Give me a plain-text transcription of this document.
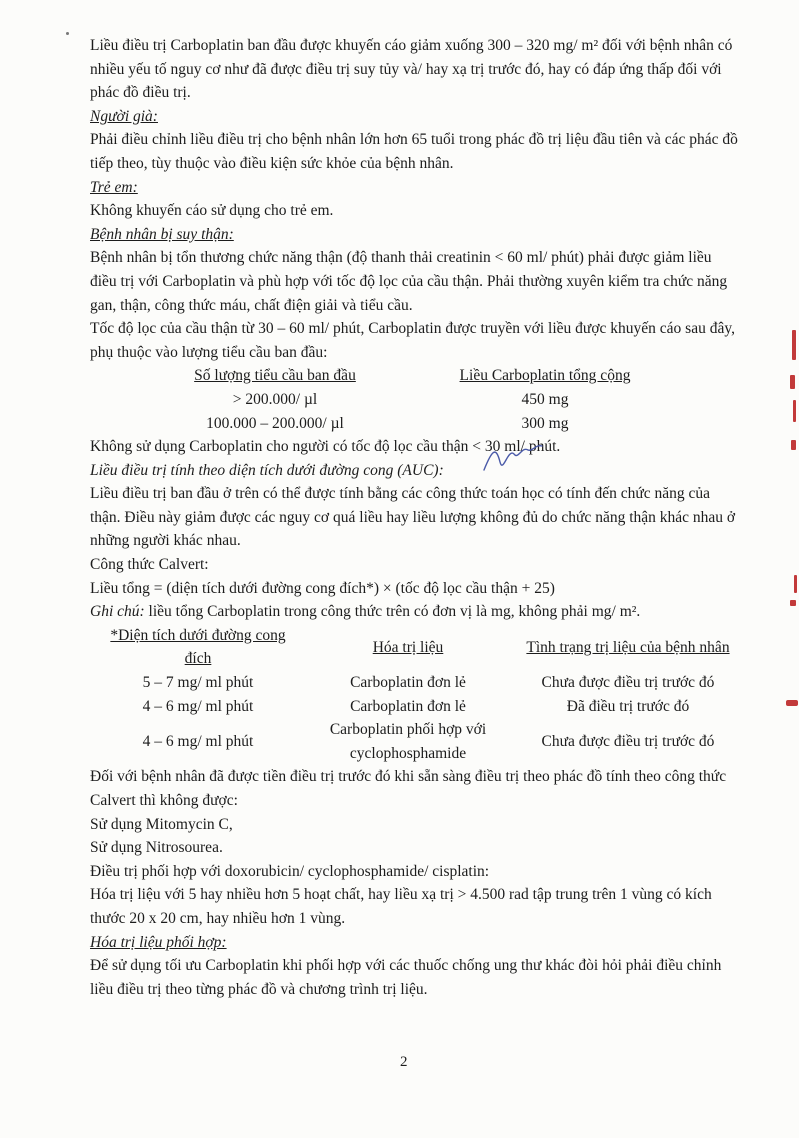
Liều điều trị Carboplatin ban đầu được khuyến cáo giảm xuống 300 – 320 mg/ m² đối với bệnh nhân có nhiều yếu tố nguy cơ như đã được điều trị suy tủy và/ hay xạ trị trước đó, hay có đáp ứng thấp đối với phác đồ điều trị.

Người già:

Phải điều chỉnh liều điều trị cho bệnh nhân lớn hơn 65 tuổi trong phác đồ trị liệu đầu tiên và các phác đồ tiếp theo, tùy thuộc vào điều kiện sức khỏe của bệnh nhân.

Trẻ em:

Không khuyến cáo sử dụng cho trẻ em.

Bệnh nhân bị suy thận:

Bệnh nhân bị tổn thương chức năng thận (độ thanh thải creatinin < 60 ml/ phút) phải được giảm liều điều trị với Carboplatin và phù hợp với tốc độ lọc của cầu thận. Phải thường xuyên kiểm tra chức năng gan, thận, công thức máu, chất điện giải và tiểu cầu.

Tốc độ lọc của cầu thận từ 30 – 60 ml/ phút, Carboplatin được truyền với liều được khuyến cáo sau đây, phụ thuộc vào lượng tiểu cầu ban đầu:

Số lượng tiểu cầu ban đầu	Liều Carboplatin tổng cộng
> 200.000/ µl	450 mg
100.000 – 200.000/ µl	300 mg

Không sử dụng Carboplatin cho người có tốc độ lọc cầu thận < 30 ml/ phút.

Liều điều trị tính theo diện tích dưới đường cong (AUC):

Liều điều trị ban đầu ở trên có thể được tính bằng các công thức toán học có tính đến chức năng của thận. Điều này giảm được các nguy cơ quá liều hay liều lượng không đủ do chức năng thận khác nhau ở những người khác nhau.

Công thức Calvert:

Liều tổng = (diện tích dưới đường cong đích*) × (tốc độ lọc cầu thận + 25)

Ghi chú: liều tổng Carboplatin trong công thức trên có đơn vị là mg, không phải mg/ m².

*Diện tích dưới đường cong đích	Hóa trị liệu	Tình trạng trị liệu của bệnh nhân
5 – 7 mg/ ml phút	Carboplatin đơn lẻ	Chưa được điều trị trước đó
4 – 6 mg/ ml phút	Carboplatin đơn lẻ	Đã điều trị trước đó
4 – 6 mg/ ml phút	Carboplatin phối hợp với cyclophosphamide	Chưa được điều trị trước đó

Đối với bệnh nhân đã được tiền điều trị trước đó khi sẵn sàng điều trị theo phác đồ tính theo công thức Calvert thì không được:

Sử dụng Mitomycin C,

Sử dụng Nitrosourea.

Điều trị phối hợp với doxorubicin/ cyclophosphamide/ cisplatin:

Hóa trị liệu với 5 hay nhiều hơn 5 hoạt chất, hay liều xạ trị > 4.500 rad tập trung trên 1 vùng có kích thước 20 x 20 cm, hay nhiều hơn 1 vùng.

Hóa trị liệu phối hợp:

Để sử dụng tối ưu Carboplatin khi phối hợp với các thuốc chống ung thư khác đòi hỏi phải điều chỉnh liều điều trị theo từng phác đồ và chương trình trị liệu.

2
